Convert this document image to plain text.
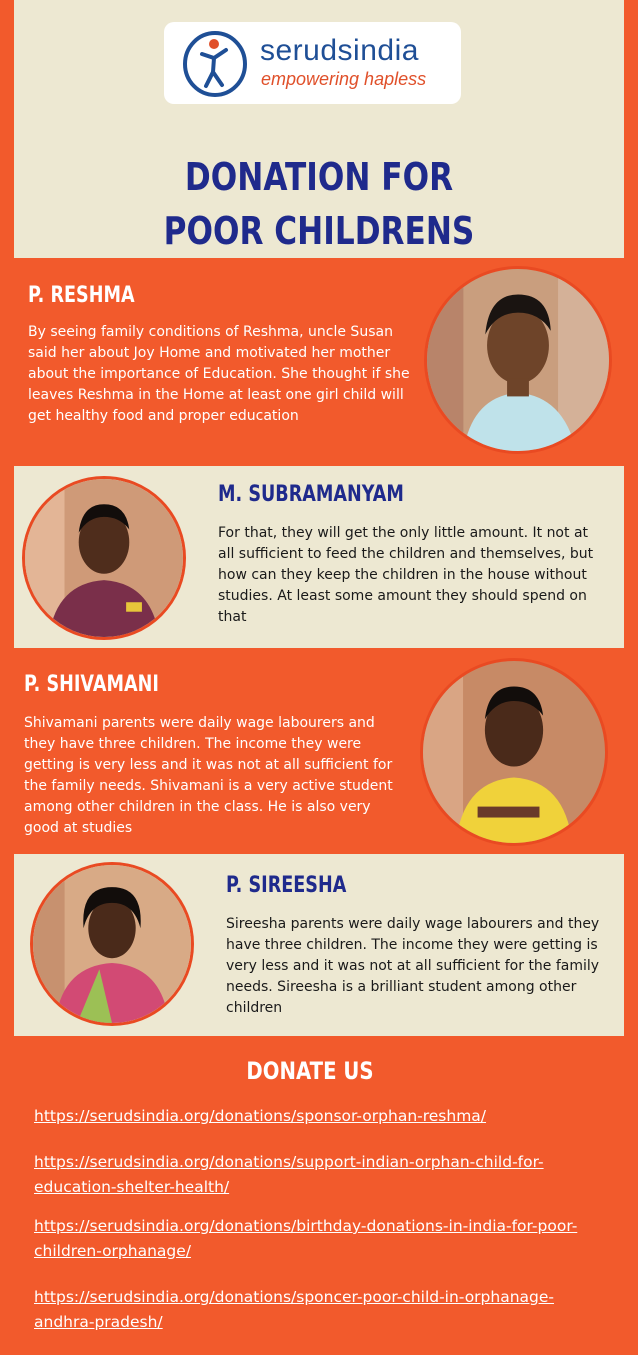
serudsindia
empowering hapless
DONATION FOR
POOR CHILDRENS
P. RESHMA

By seeing family conditions of Reshma, uncle Susan said her about Joy Home and motivated her mother about the importance of Education. She thought if she leaves Reshma in the Home at least one girl child will get healthy food and proper education

M. SUBRAMANYAM

For that, they will get the only little amount. It not at all sufficient to feed the children and themselves, but how can they keep the children in the house without studies. At least some amount they should spend on that

P. SHIVAMANI

Shivamani parents were daily wage labourers and they have three children. The income they were getting is very less and it was not at all sufficient for the family needs. Shivamani is a very active student among other children in the class. He is also very good at studies

P. SIREESHA

Sireesha parents were daily wage labourers and they have three children. The income they were getting is very less and it was not at all sufficient for the family needs. Sireesha is a brilliant student among other children

DONATE US
https://serudsindia.org/donations/sponsor-orphan-reshma/
https://serudsindia.org/donations/support-indian-orphan-child-for-education-shelter-health/
https://serudsindia.org/donations/birthday-donations-in-india-for-poor-children-orphanage/
https://serudsindia.org/donations/sponcer-poor-child-in-orphanage-andhra-pradesh/
